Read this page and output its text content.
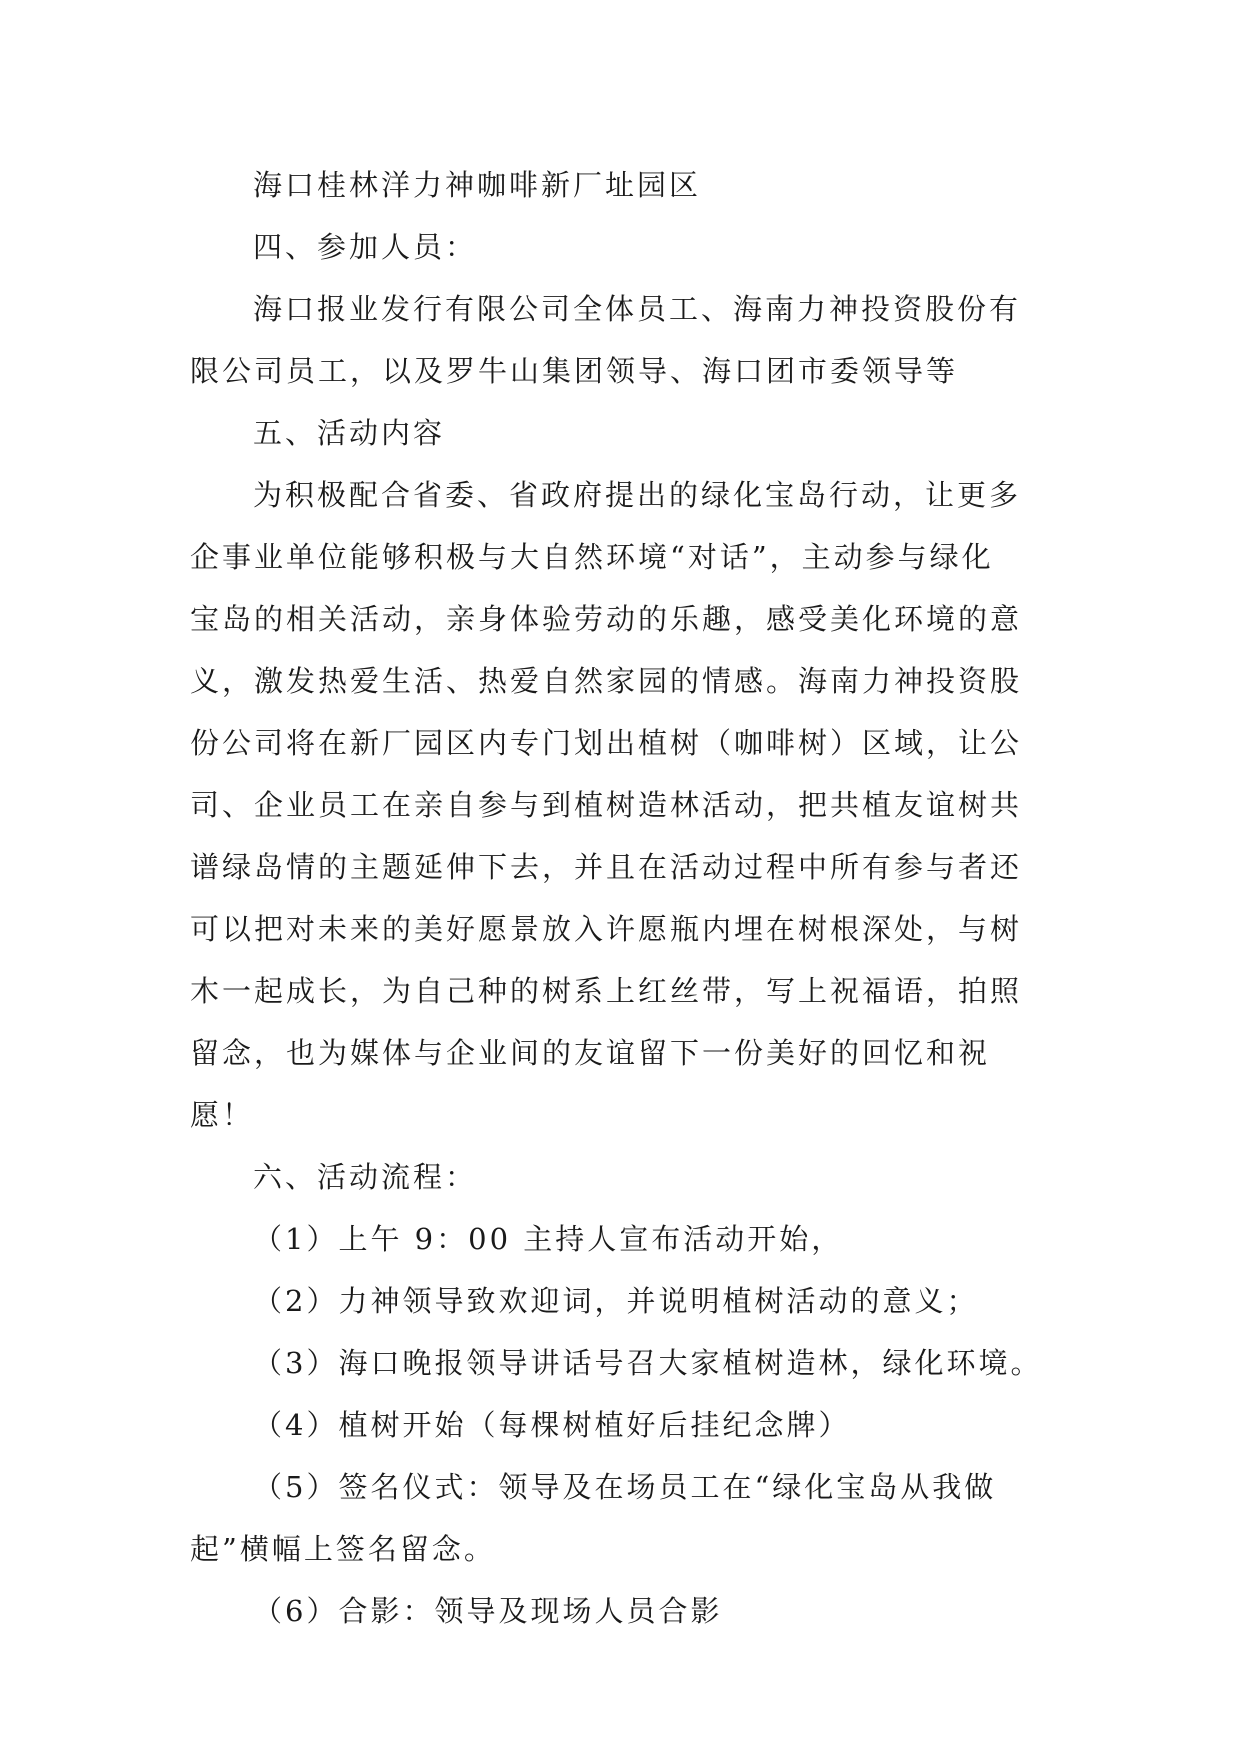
海口桂林洋力神咖啡新厂址园区
四、参加人员：
海口报业发行有限公司全体员工、海南力神投资股份有
限公司员工，以及罗牛山集团领导、海口团市委领导等
五、活动内容
为积极配合省委、省政府提出的绿化宝岛行动，让更多
企事业单位能够积极与大自然环境“对话”，主动参与绿化
宝岛的相关活动，亲身体验劳动的乐趣，感受美化环境的意
义，激发热爱生活、热爱自然家园的情感。海南力神投资股
份公司将在新厂园区内专门划出植树（咖啡树）区域，让公
司、企业员工在亲自参与到植树造林活动，把共植友谊树共
谱绿岛情的主题延伸下去，并且在活动过程中所有参与者还
可以把对未来的美好愿景放入许愿瓶内埋在树根深处，与树
木一起成长，为自己种的树系上红丝带，写上祝福语，拍照
留念，也为媒体与企业间的友谊留下一份美好的回忆和祝
愿！
六、活动流程：
（1）上午 9：00 主持人宣布活动开始，
（2）力神领导致欢迎词，并说明植树活动的意义；
（3）海口晚报领导讲话号召大家植树造林，绿化环境。
（4）植树开始（每棵树植好后挂纪念牌）
（5）签名仪式：领导及在场员工在“绿化宝岛从我做
起”横幅上签名留念。
（6）合影：领导及现场人员合影
